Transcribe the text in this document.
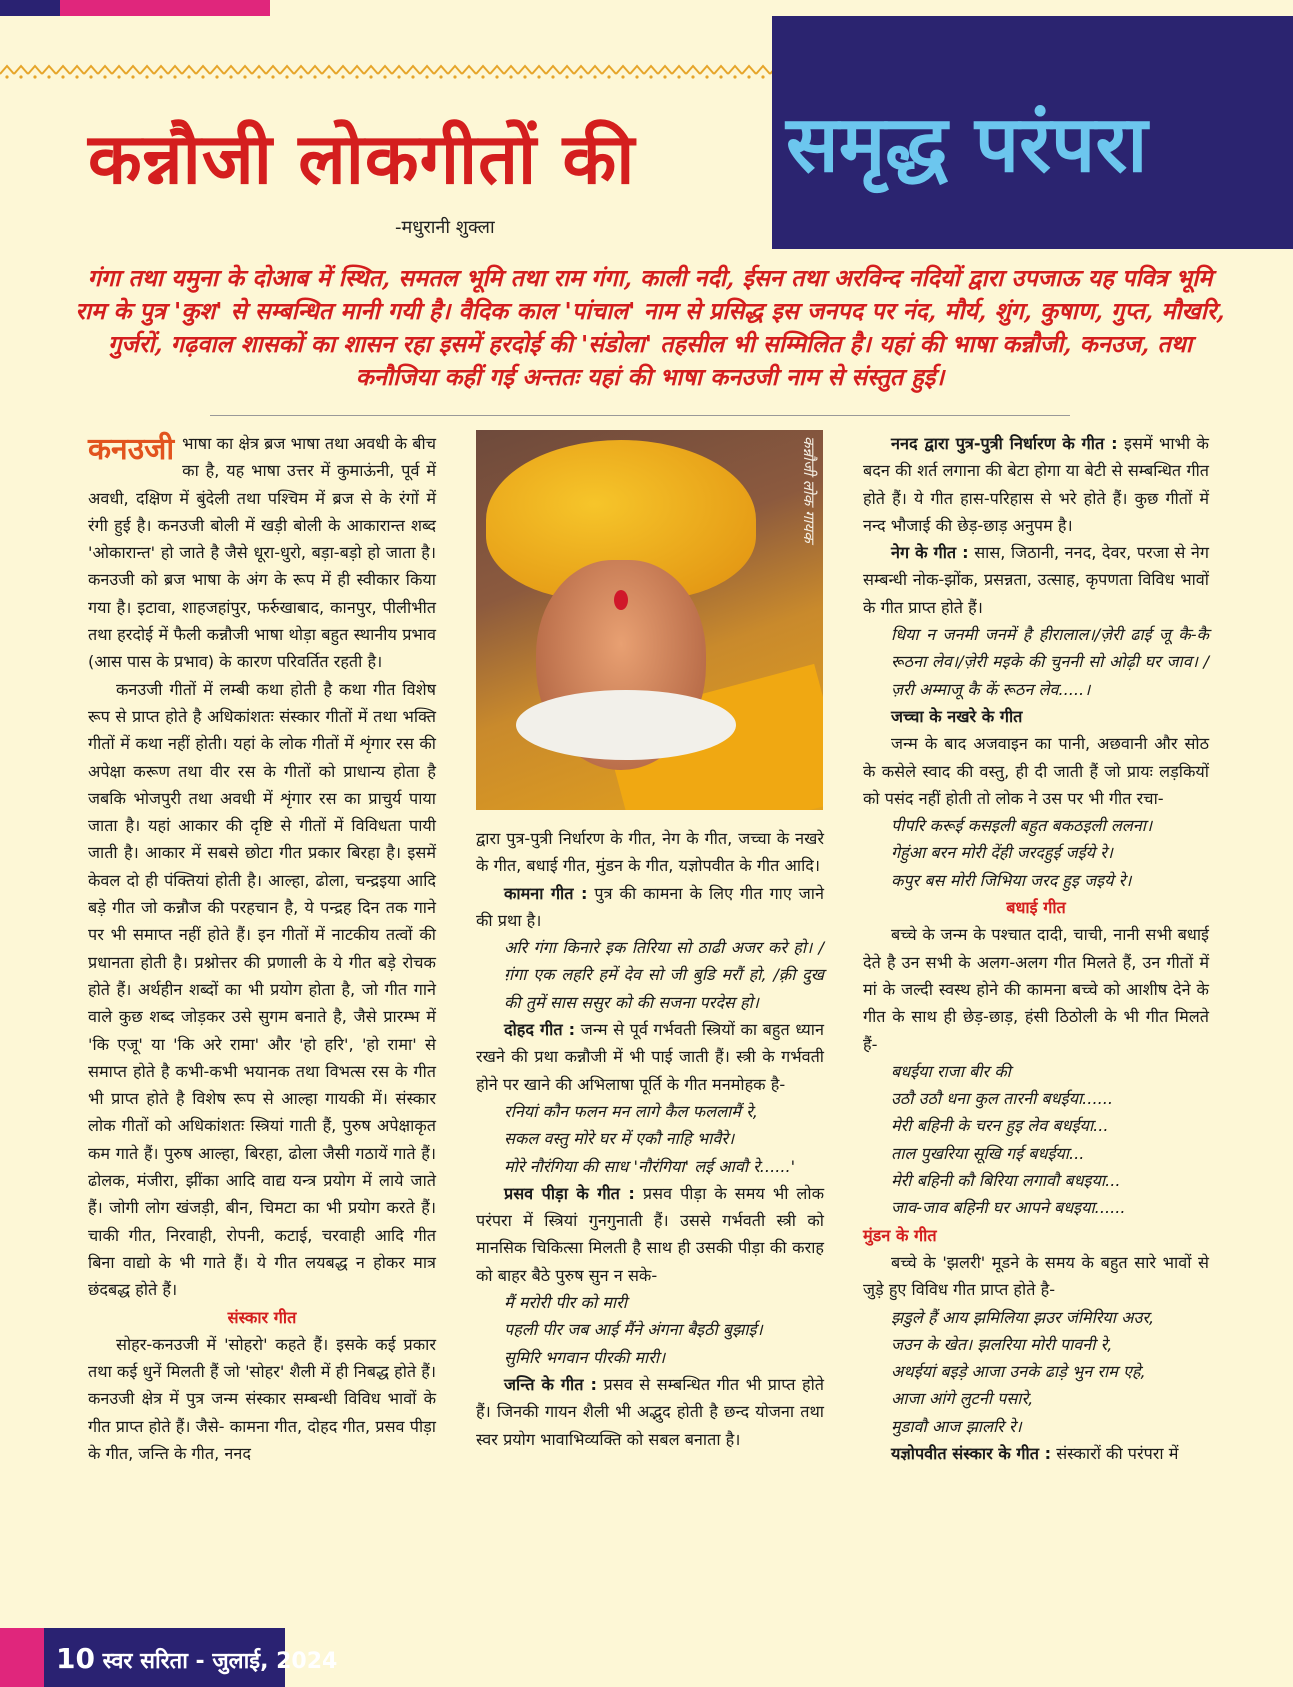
कन्नौजी लोकगीतों की समृद्ध परंपरा
-मधुरानी शुक्ला
गंगा तथा यमुना के दोआब में स्थित, समतल भूमि तथा राम गंगा, काली नदी, ईसन तथा अरविन्द नदियों द्वारा उपजाऊ यह पवित्र भूमि राम के पुत्र 'कुश' से सम्बन्धित मानी गयी है। वैदिक काल 'पांचाल' नाम से प्रसिद्ध इस जनपद पर नंद, मौर्य, शुंग, कुषाण, गुप्त, मौखरि, गुर्जरों, गढ़वाल शासकों का शासन रहा इसमें हरदोई की 'संडोला' तहसील भी सम्मिलित है। यहां की भाषा कन्नौजी, कनउज, तथा कनौजिया कहीं गई अन्ततः यहां की भाषा कनउजी नाम से संस्तुत हुई।

कनउजी भाषा का क्षेत्र ब्रज भाषा तथा अवधी के बीच का है, यह भाषा उत्तर में कुमाऊंनी, पूर्व में अवधी, दक्षिण में बुंदेली तथा पश्चिम में ब्रज से के रंगों में रंगी हुई है। कनउजी बोली में खड़ी बोली के आकारान्त शब्द 'ओकारान्त' हो जाते है जैसे धूरा-धुरो, बड़ा-बड़ो हो जाता है। कनउजी को ब्रज भाषा के अंग के रूप में ही स्वीकार किया गया है। इटावा, शाहजहांपुर, फर्रुखाबाद, कानपुर, पीलीभीत तथा हरदोई में फैली कन्नौजी भाषा थोड़ा बहुत स्थानीय प्रभाव (आस पास के प्रभाव) के कारण परिवर्तित रहती है।

कनउजी गीतों में लम्बी कथा होती है कथा गीत विशेष रूप से प्राप्त होते है अधिकांशतः संस्कार गीतों में तथा भक्ति गीतों में कथा नहीं होती। यहां के लोक गीतों में शृंगार रस की अपेक्षा करूण तथा वीर रस के गीतों को प्राधान्य होता है जबकि भोजपुरी तथा अवधी में शृंगार रस का प्राचुर्य पाया जाता है। यहां आकार की दृष्टि से गीतों में विविधता पायी जाती है। आकार में सबसे छोटा गीत प्रकार बिरहा है। इसमें केवल दो ही पंक्तियां होती है। आल्हा, ढोला, चन्द्रइया आदि बड़े गीत जो कन्नौज की परहचान है, ये पन्द्रह दिन तक गाने पर भी समाप्त नहीं होते हैं। इन गीतों में नाटकीय तत्वों की प्रधानता होती है। प्रश्नोत्तर की प्रणाली के ये गीत बड़े रोचक होते हैं। अर्थहीन शब्दों का भी प्रयोग होता है, जो गीत गाने वाले कुछ शब्द जोड़कर उसे सुगम बनाते है, जैसे प्रारम्भ में 'कि एजू' या 'कि अरे रामा' और 'हो हरि', 'हो रामा' से समाप्त होते है कभी-कभी भयानक तथा विभत्स रस के गीत भी प्राप्त होते है विशेष रूप से आल्हा गायकी में। संस्कार लोक गीतों को अधिकांशतः स्त्रियां गाती हैं, पुरुष अपेक्षाकृत कम गाते हैं। पुरुष आल्हा, बिरहा, ढोला जैसी गठायें गाते हैं। ढोलक, मंजीरा, झींका आदि वाद्य यन्त्र प्रयोग में लाये जाते हैं। जोगी लोग खंजड़ी, बीन, चिमटा का भी प्रयोग करते हैं। चाकी गीत, निरवाही, रोपनी, कटाई, चरवाही आदि गीत बिना वाद्यो के भी गाते हैं। ये गीत लयबद्ध न होकर मात्र छंदबद्ध होते हैं।

संस्कार गीत

सोहर-कनउजी में 'सोहरो' कहते हैं। इसके कई प्रकार तथा कई धुनें मिलती हैं जो 'सोहर' शैली में ही निबद्ध होते हैं। कनउजी क्षेत्र में पुत्र जन्म संस्कार सम्बन्धी विविध भावों के गीत प्राप्त होते हैं। जैसे- कामना गीत, दोहद गीत, प्रसव पीड़ा के गीत, जन्ति के गीत, ननद

कन्नौजी लोक गायक

द्वारा पुत्र-पुत्री निर्धारण के गीत, नेग के गीत, जच्चा के नखरे के गीत, बधाई गीत, मुंडन के गीत, यज्ञोपवीत के गीत आदि।

कामना गीत : पुत्र की कामना के लिए गीत गाए जाने की प्रथा है।

अरि गंगा किनारे इक तिरिया सो ठाढी अजर करे हो। /ग़ंगा एक लहरि हमें देव सो जी बुडि मरौं हो, /क़्री दुख की तुमें सास ससुर को की सजना परदेस हो।

दोहद गीत : जन्म से पूर्व गर्भवती स्त्रियों का बहुत ध्यान रखने की प्रथा कन्नौजी में भी पाई जाती हैं। स्त्री के गर्भवती होने पर खाने की अभिलाषा पूर्ति के गीत मनमोहक है-

रनियां कौन फलन मन लागे कैल फललामैं रे,

सकल वस्तु मोरे घर में एकौ नाहि भावैरे।

मोरे नौरंगिया की साध 'नौरंगिया' लई आवौ रे......'

प्रसव पीड़ा के गीत : प्रसव पीड़ा के समय भी लोक परंपरा में स्त्रियां गुनगुनाती हैं। उससे गर्भवती स्त्री को मानसिक चिकित्सा मिलती है साथ ही उसकी पीड़ा की कराह को बाहर बैठे पुरुष सुन न सके-

मैं मरोरी पीर को मारी

पहली पीर जब आई मैंने अंगना बैइठी बुझाई।

सुमिरि भगवान पीरकी मारी।

जन्ति के गीत : प्रसव से सम्बन्धित गीत भी प्राप्त होते हैं। जिनकी गायन शैली भी अद्भुद होती है छन्द योजना तथा स्वर प्रयोग भावाभिव्यक्ति को सबल बनाता है।

ननद द्वारा पुत्र-पुत्री निर्धारण के गीत : इसमें भाभी के बदन की शर्त लगाना की बेटा होगा या बेटी से सम्बन्धित गीत होते हैं। ये गीत हास-परिहास से भरे होते हैं। कुछ गीतों में नन्द भौजाई की छेड़-छाड़ अनुपम है।

नेग के गीत : सास, जिठानी, ननद, देवर, परजा से नेग सम्बन्धी नोक-झोंक, प्रसन्नता, उत्साह, कृपणता विविध भावों के गीत प्राप्त होते हैं।

धिया न जनमी जनमें है हीरालाल।/ज़ेरी ढाई जू कै-कै रूठना लेव।/ज़ेरी मइके की चुननी सो ओढ़ी घर जाव। /ज़री अम्माजू कै कें रूठन लेव.....।

जच्चा के नखरे के गीत

जन्म के बाद अजवाइन का पानी, अछवानी और सोठ के कसेले स्वाद की वस्तु, ही दी जाती हैं जो प्रायः लड़कियों को पसंद नहीं होती तो लोक ने उस पर भी गीत रचा-

पीपरि करूई कसइली बहुत बकठइली ललना।

गेहुंआ बरन मोरी देंही जरदहुई जईये रे।

कपुर बस मोरी जिभिया जरद हुइ जइये रे।

बधाई गीत

बच्चे के जन्म के पश्चात दादी, चाची, नानी सभी बधाई देते है उन सभी के अलग-अलग गीत मिलते हैं, उन गीतों में मां के जल्दी स्वस्थ होने की कामना बच्चे को आशीष देने के गीत के साथ ही छेड़-छाड़, हंसी ठिठोली के भी गीत मिलते हैं-

बधईया राजा बीर की

उठौ उठौ धना कुल तारनी बधईया......

मेरी बहिनी के चरन हुइ लेव बधईया...

ताल पुखरिया सूखि गई बधईया...

मेरी बहिनी कौ बिरिया लगावौ बधइया...

जाव-जाव बहिनी घर आपने बधइया......

मुंडन के गीत

बच्चे के 'झलरी' मूडने के समय के बहुत सारे भावों से जुड़े हुए विविध गीत प्राप्त होते है-

झडुले हैं आय झमिलिया झउर जंमिरिया अउर,

जउन के खेत। झलरिया मोरी पावनी रे,

अथईयां बइड़े आजा उनके ढाड़े भुन राम एहे,

आजा आंगे लुटनी पसारे,

मुडावौ आज झालरि रे।

यज्ञोपवीत संस्कार के गीत : संस्कारों की परंपरा में

10 स्वर सरिता - जुलाई, 2024
